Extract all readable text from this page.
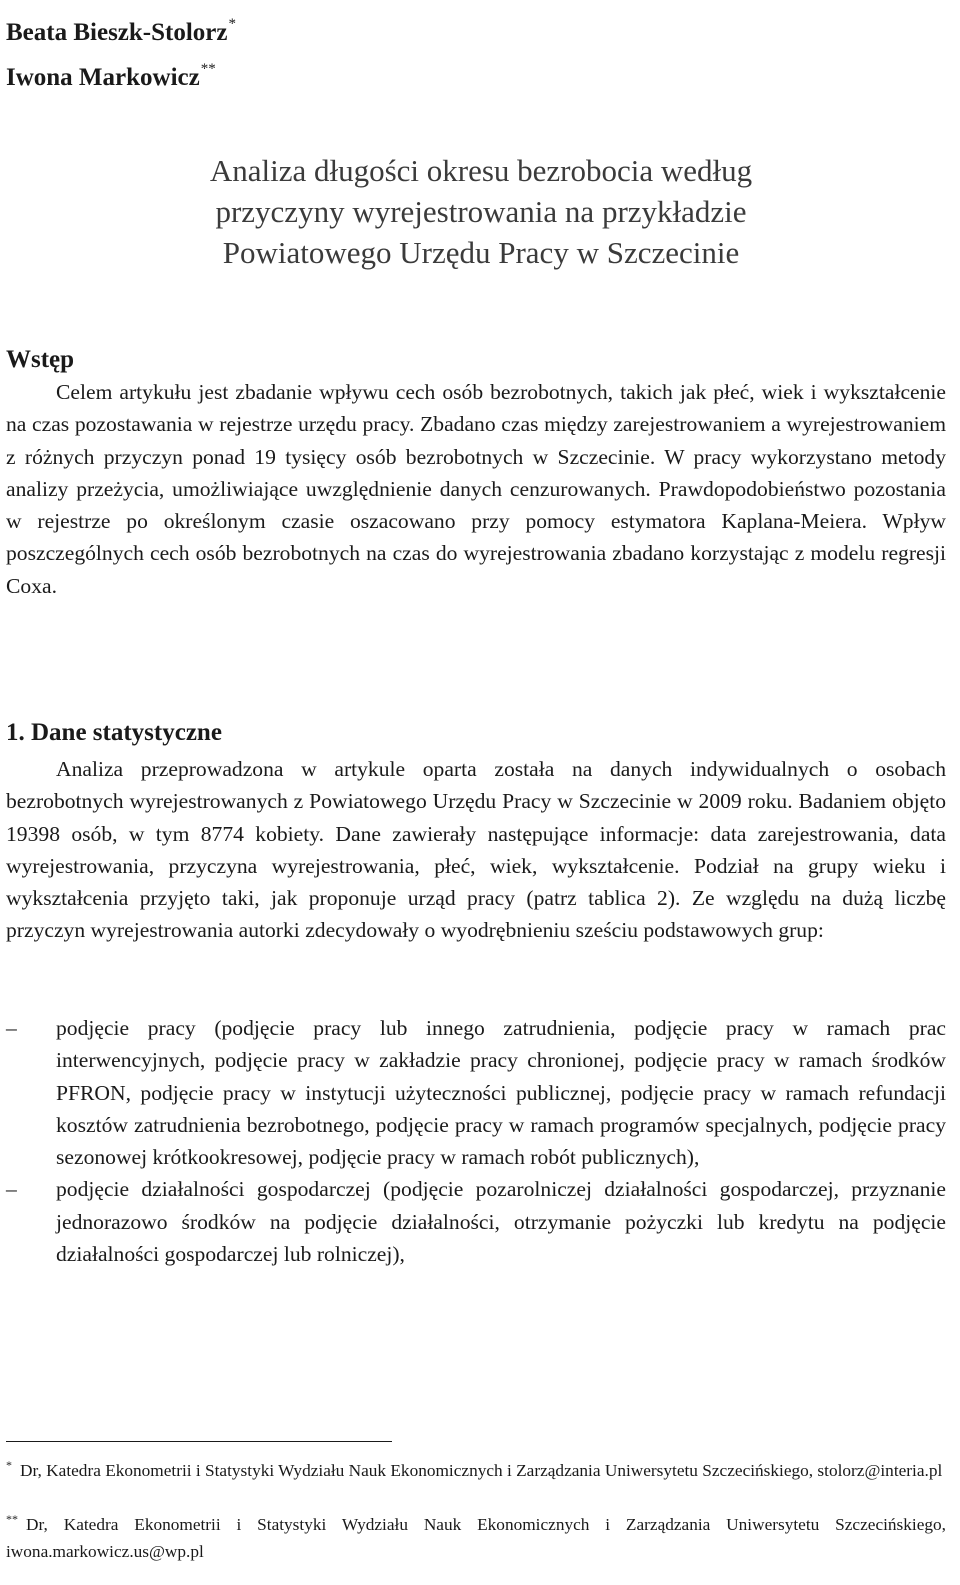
Beata Bieszk-Stolorz*
Iwona Markowicz**
Analiza długości okresu bezrobocia według
przyczyny wyrejestrowania na przykładzie
Powiatowego Urzędu Pracy w Szczecinie
Wstęp

Celem artykułu jest zbadanie wpływu cech osób bezrobotnych, takich jak płeć, wiek i wykształcenie na czas pozostawania w rejestrze urzędu pracy. Zbadano czas między zarejestrowaniem a wyrejestrowaniem z różnych przyczyn ponad 19 tysięcy osób bezrobotnych w Szczecinie. W pracy wykorzystano metody analizy przeżycia, umożliwiające uwzględnienie danych cenzurowanych. Prawdopodobieństwo pozostania w rejestrze po określonym czasie oszacowano przy pomocy estymatora Kaplana-Meiera. Wpływ poszczególnych cech osób bezrobotnych na czas do wyrejestrowania zbadano korzystając z modelu regresji Coxa.

1. Dane statystyczne

Analiza przeprowadzona w artykule oparta została na danych indywidualnych o osobach bezrobotnych wyrejestrowanych z Powiatowego Urzędu Pracy w Szczecinie w 2009 roku. Badaniem objęto 19398 osób, w tym 8774 kobiety. Dane zawierały następujące informacje: data zarejestrowania, data wyrejestrowania, przyczyna wyrejestrowania, płeć, wiek, wykształcenie. Podział na grupy wieku i wykształcenia przyjęto taki, jak proponuje urząd pracy (patrz tablica 2). Ze względu na dużą liczbę przyczyn wyrejestrowania autorki zdecydowały o wyodrębnieniu sześciu podstawowych grup:

–	podjęcie pracy (podjęcie pracy lub innego zatrudnienia, podjęcie pracy w ramach prac interwencyjnych, podjęcie pracy w zakładzie pracy chronionej, podjęcie pracy w ramach środków PFRON, podjęcie pracy w instytucji użyteczności publicznej, podjęcie pracy w ramach refundacji kosztów zatrudnienia bezrobotnego, podjęcie pracy w ramach programów specjalnych, podjęcie pracy sezonowej krótkookresowej, podjęcie pracy w ramach robót publicznych),
–	podjęcie działalności gospodarczej (podjęcie pozarolniczej działalności gospodarczej, przyznanie jednorazowo środków na podjęcie działalności, otrzymanie pożyczki lub kredytu na podjęcie działalności gospodarczej lub rolniczej),

* Dr, Katedra Ekonometrii i Statystyki Wydziału Nauk Ekonomicznych i Zarządzania Uniwersytetu Szczecińskiego, stolorz@interia.pl

** Dr, Katedra Ekonometrii i Statystyki Wydziału Nauk Ekonomicznych i Zarządzania Uniwersytetu Szczecińskiego, iwona.markowicz.us@wp.pl
